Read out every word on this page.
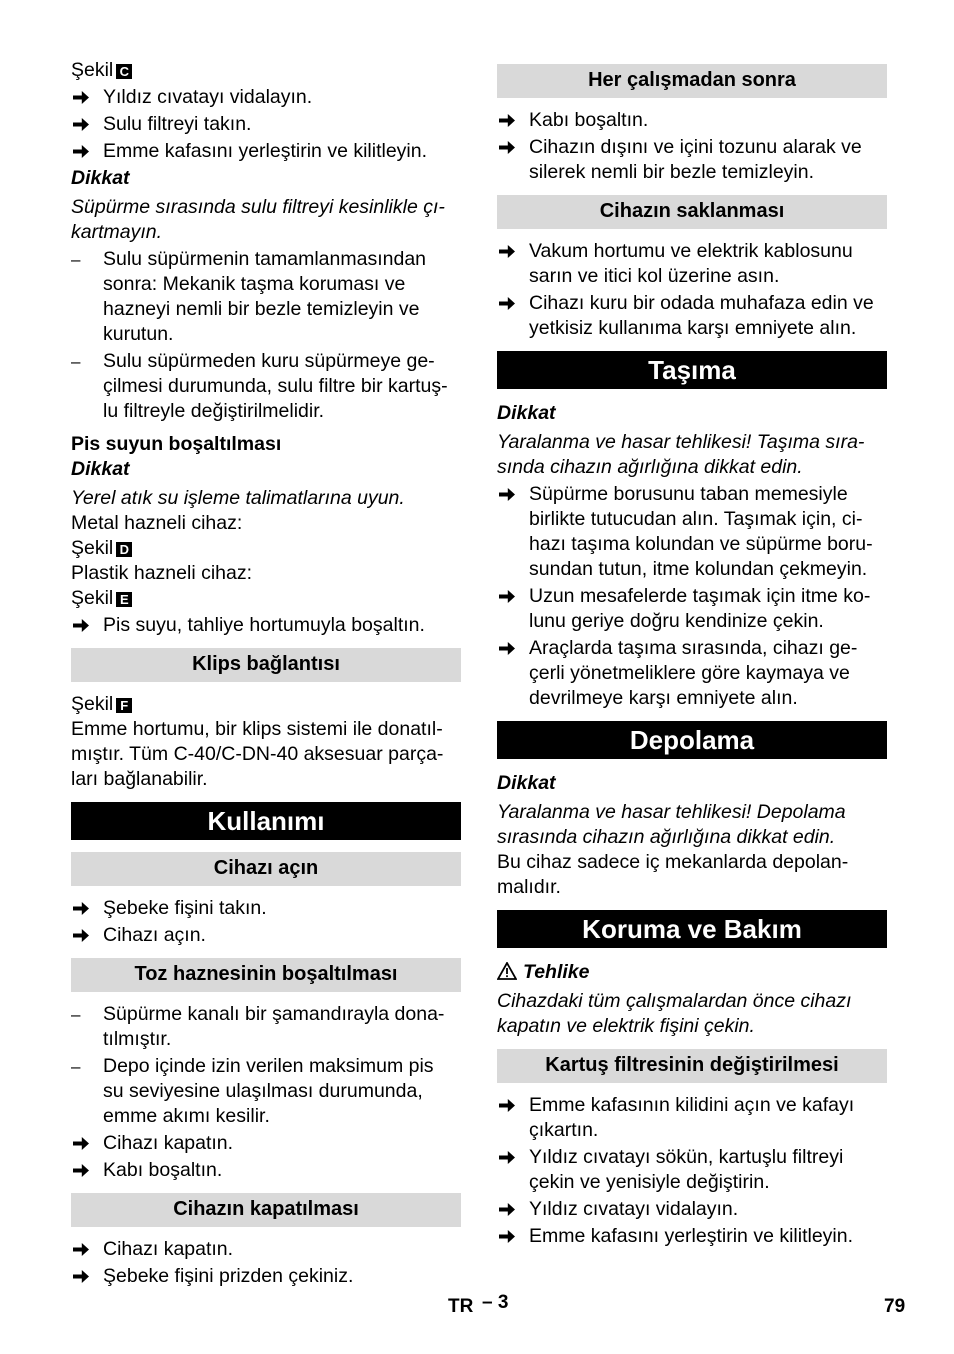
Şekil C

Yıldız cıvatayı vidalayın.
Sulu filtreyi takın.
Emme kafasını yerleştirin ve kilitleyin.

Dikkat

Süpürme sırasında sulu filtreyi kesinlikle çı-
kartmayın.

– Sulu süpürmenin tamamlanmasından
sonra: Mekanik taşma koruması ve
hazneyi nemli bir bezle temizleyin ve
kurutun.
– Sulu süpürmeden kuru süpürmeye ge-
çilmesi durumunda, sulu filtre bir kartuş-
lu filtreyle değiştirilmelidir.

Pis suyun boşaltılması

Dikkat

Yerel atık su işleme talimatlarına uyun.

Metal hazneli cihaz:

Şekil D

Plastik hazneli cihaz:

Şekil E

Pis suyu, tahliye hortumuyla boşaltın.
Klips bağlantısı

Şekil F

Emme hortumu, bir klips sistemi ile donatıl-
mıştır. Tüm C-40/C-DN-40 aksesuar parça-
ları bağlanabilir.

Kullanımı
Cihazı açın
Şebeke fişini takın.
Cihazı açın.
Toz haznesinin boşaltılması
– Süpürme kanalı bir şamandırayla dona-
tılmıştır.
– Depo içinde izin verilen maksimum pis
su seviyesine ulaşılması durumunda,
emme akımı kesilir.
Cihazı kapatın.
Kabı boşaltın.
Cihazın kapatılması
Cihazı kapatın.
Şebeke fişini prizden çekiniz.
Her çalışmadan sonra
Kabı boşaltın.
Cihazın dışını ve içini tozunu alarak ve
silerek nemli bir bezle temizleyin.
Cihazın saklanması
Vakum hortumu ve elektrik kablosunu
sarın ve itici kol üzerine asın.
Cihazı kuru bir odada muhafaza edin ve
yetkisiz kullanıma karşı emniyete alın.
Taşıma

Dikkat

Yaralanma ve hasar tehlikesi! Taşıma sıra-
sında cihazın ağırlığına dikkat edin.

Süpürme borusunu taban memesiyle
birlikte tutucudan alın. Taşımak için, ci-
hazı taşıma kolundan ve süpürme boru-
sundan tutun, itme kolundan çekmeyin.
Uzun mesafelerde taşımak için itme ko-
lunu geriye doğru kendinize çekin.
Araçlarda taşıma sırasında, cihazı ge-
çerli yönetmeliklere göre kaymaya ve
devrilmeye karşı emniyete alın.
Depolama

Dikkat

Yaralanma ve hasar tehlikesi! Depolama
sırasında cihazın ağırlığına dikkat edin.

Bu cihaz sadece iç mekanlarda depolan-
malıdır.

Koruma ve Bakım

Tehlike

Cihazdaki tüm çalışmalardan önce cihazı
kapatın ve elektrik fişini çekin.

Kartuş filtresinin değiştirilmesi
Emme kafasının kilidini açın ve kafayı
çıkartın.
Yıldız cıvatayı sökün, kartuşlu filtreyi
çekin ve yenisiyle değiştirin.
Yıldız cıvatayı vidalayın.
Emme kafasını yerleştirin ve kilitleyin.
TR – 3	79
